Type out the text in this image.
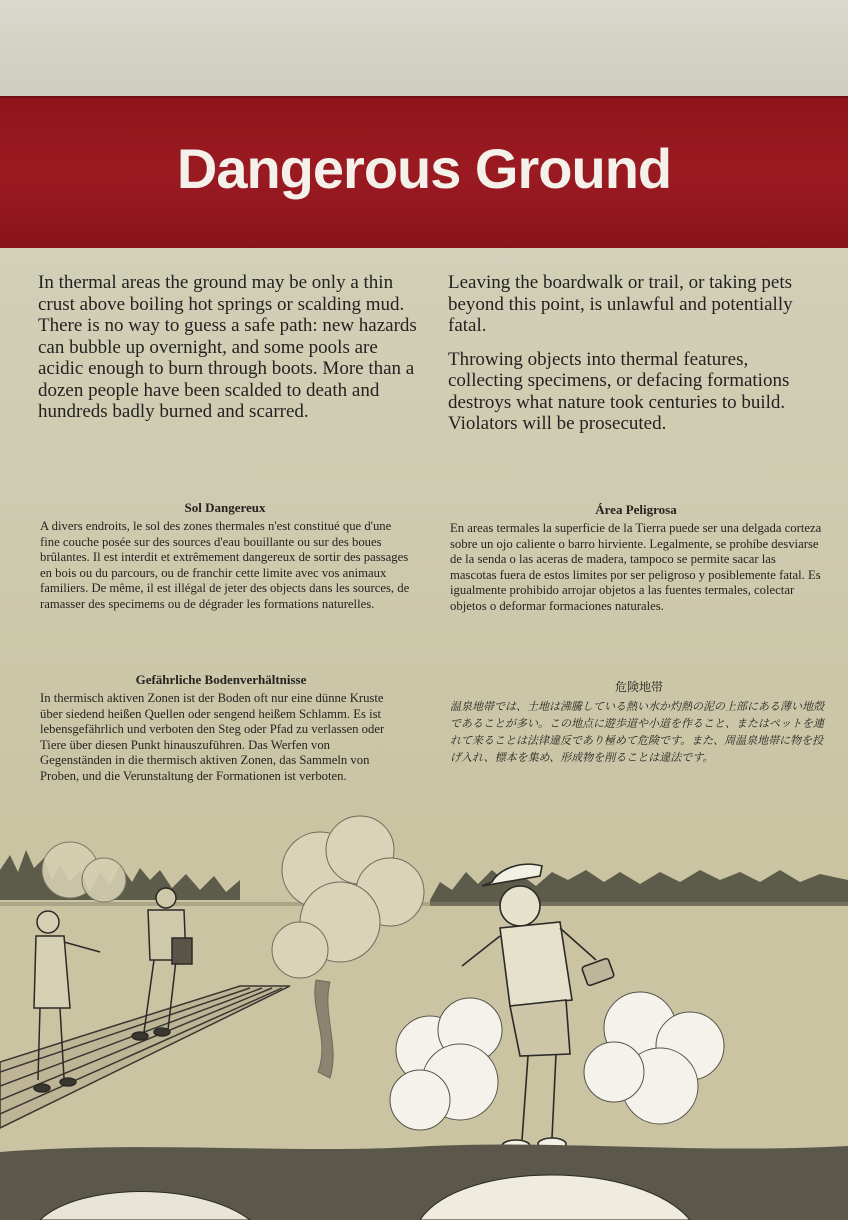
Dangerous Ground

In thermal areas the ground may be only a thin crust above boiling hot springs or scalding mud. There is no way to guess a safe path: new hazards can bubble up overnight, and some pools are acidic enough to burn through boots. More than a dozen people have been scalded to death and hundreds badly burned and scarred.

Leaving the boardwalk or trail, or taking pets beyond this point, is unlawful and potentially fatal.

Throwing objects into thermal features, collecting specimens, or defacing formations destroys what nature took centuries to build. Violators will be prosecuted.

Sol Dangereux
A divers endroits, le sol des zones thermales n'est constitué que d'une fine couche posée sur des sources d'eau bouillante ou sur des boues brûlantes. Il est interdit et extrêmement dangereux de sortir des passages en bois ou du parcours, ou de franchir cette limite avec vos animaux familiers. De même, il est illégal de jeter des objects dans les sources, de ramasser des specimems ou de dégrader les formations naturelles.
Área Peligrosa
En areas termales la superficie de la Tierra puede ser una delgada corteza sobre un ojo caliente o barro hirviente. Legalmente, se prohíbe desviarse de la senda o las aceras de madera, tampoco se permite sacar las mascotas fuera de estos limites por ser peligroso y posiblemente fatal. Es igualmente prohibido arrojar objetos a las fuentes termales, colectar objetos o deformar formaciones naturales.
Gefährliche Bodenverhältnisse
In thermisch aktiven Zonen ist der Boden oft nur eine dünne Kruste über siedend heißen Quellen oder sengend heißem Schlamm. Es ist lebensgefährlich und verboten den Steg oder Pfad zu verlassen oder Tiere über diesen Punkt hinauszuführen. Das Werfen von Gegenständen in die thermisch aktiven Zonen, das Sammeln von Proben, und die Verunstaltung der Formationen ist verboten.
危険地帯
温泉地帯では、土地は沸騰している熱い水か灼熱の泥の上部にある薄い地殻であることが多い。この地点に遊歩道や小道を作ること、またはペットを連れて来ることは法律違反であり極めて危険です。また、周温泉地帯に物を投げ入れ、標本を集め、形成物を削ることは違法です。
